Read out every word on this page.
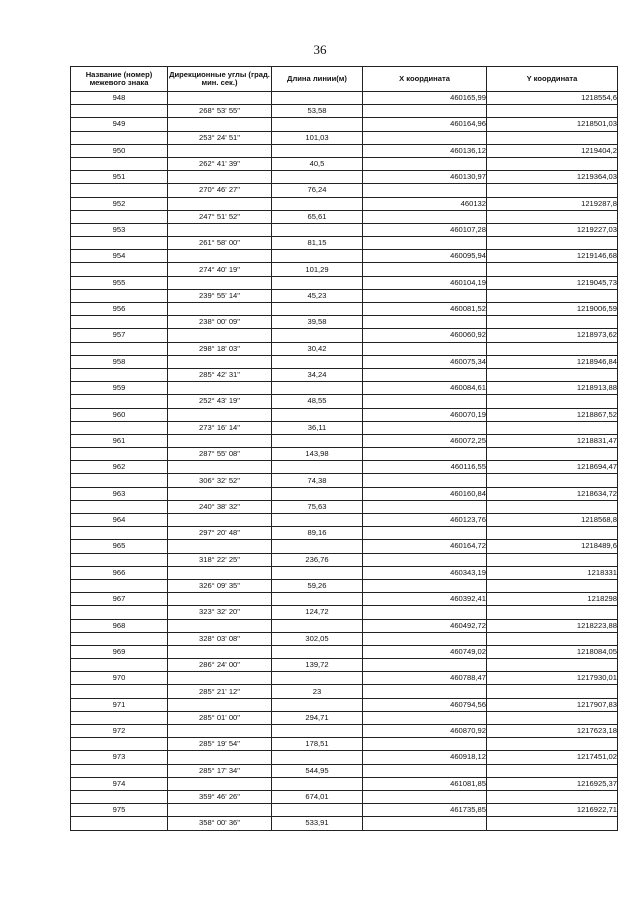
36
Название (номер) межевого знака	Дирекционные углы (град. мин. сек.)	Длина линии(м)	X координата	Y координата
948			460165,99	1218554,6
	268° 53' 55"	53,58		
949			460164,96	1218501,03
	253° 24' 51"	101,03		
950			460136,12	1219404,2
	262° 41' 39"	40,5		
951			460130,97	1219364,03
	270° 46' 27"	76,24		
952			460132	1219287,8
	247° 51' 52"	65,61		
953			460107,28	1219227,03
	261° 58' 00"	81,15		
954			460095,94	1219146,68
	274° 40' 19"	101,29		
955			460104,19	1219045,73
	239° 55' 14"	45,23		
956			460081,52	1219006,59
	238° 00' 09"	39,58		
957			460060,92	1218973,62
	298° 18' 03"	30,42		
958			460075,34	1218946,84
	285° 42' 31"	34,24		
959			460084,61	1218913,88
	252° 43' 19"	48,55		
960			460070,19	1218867,52
	273° 16' 14"	36,11		
961			460072,25	1218831,47
	287° 55' 08"	143,98		
962			460116,55	1218694,47
	306° 32' 52"	74,38		
963			460160,84	1218634,72
	240° 38' 32"	75,63		
964			460123,76	1218568,8
	297° 20' 48"	89,16		
965			460164,72	1218489,6
	318° 22' 25"	236,76		
966			460343,19	1218331
	326° 09' 35"	59,26		
967			460392,41	1218298
	323° 32' 20"	124,72		
968			460492,72	1218223,88
	328° 03' 08"	302,05		
969			460749,02	1218084,05
	286° 24' 00"	139,72		
970			460788,47	1217930,01
	285° 21' 12"	23		
971			460794,56	1217907,83
	285° 01' 00"	294,71		
972			460870,92	1217623,18
	285° 19' 54"	178,51		
973			460918,12	1217451,02
	285° 17' 34"	544,95		
974			461081,85	1216925,37
	359° 46' 26"	674,01		
975			461735,85	1216922,71
	358° 00' 36"	533,91		
